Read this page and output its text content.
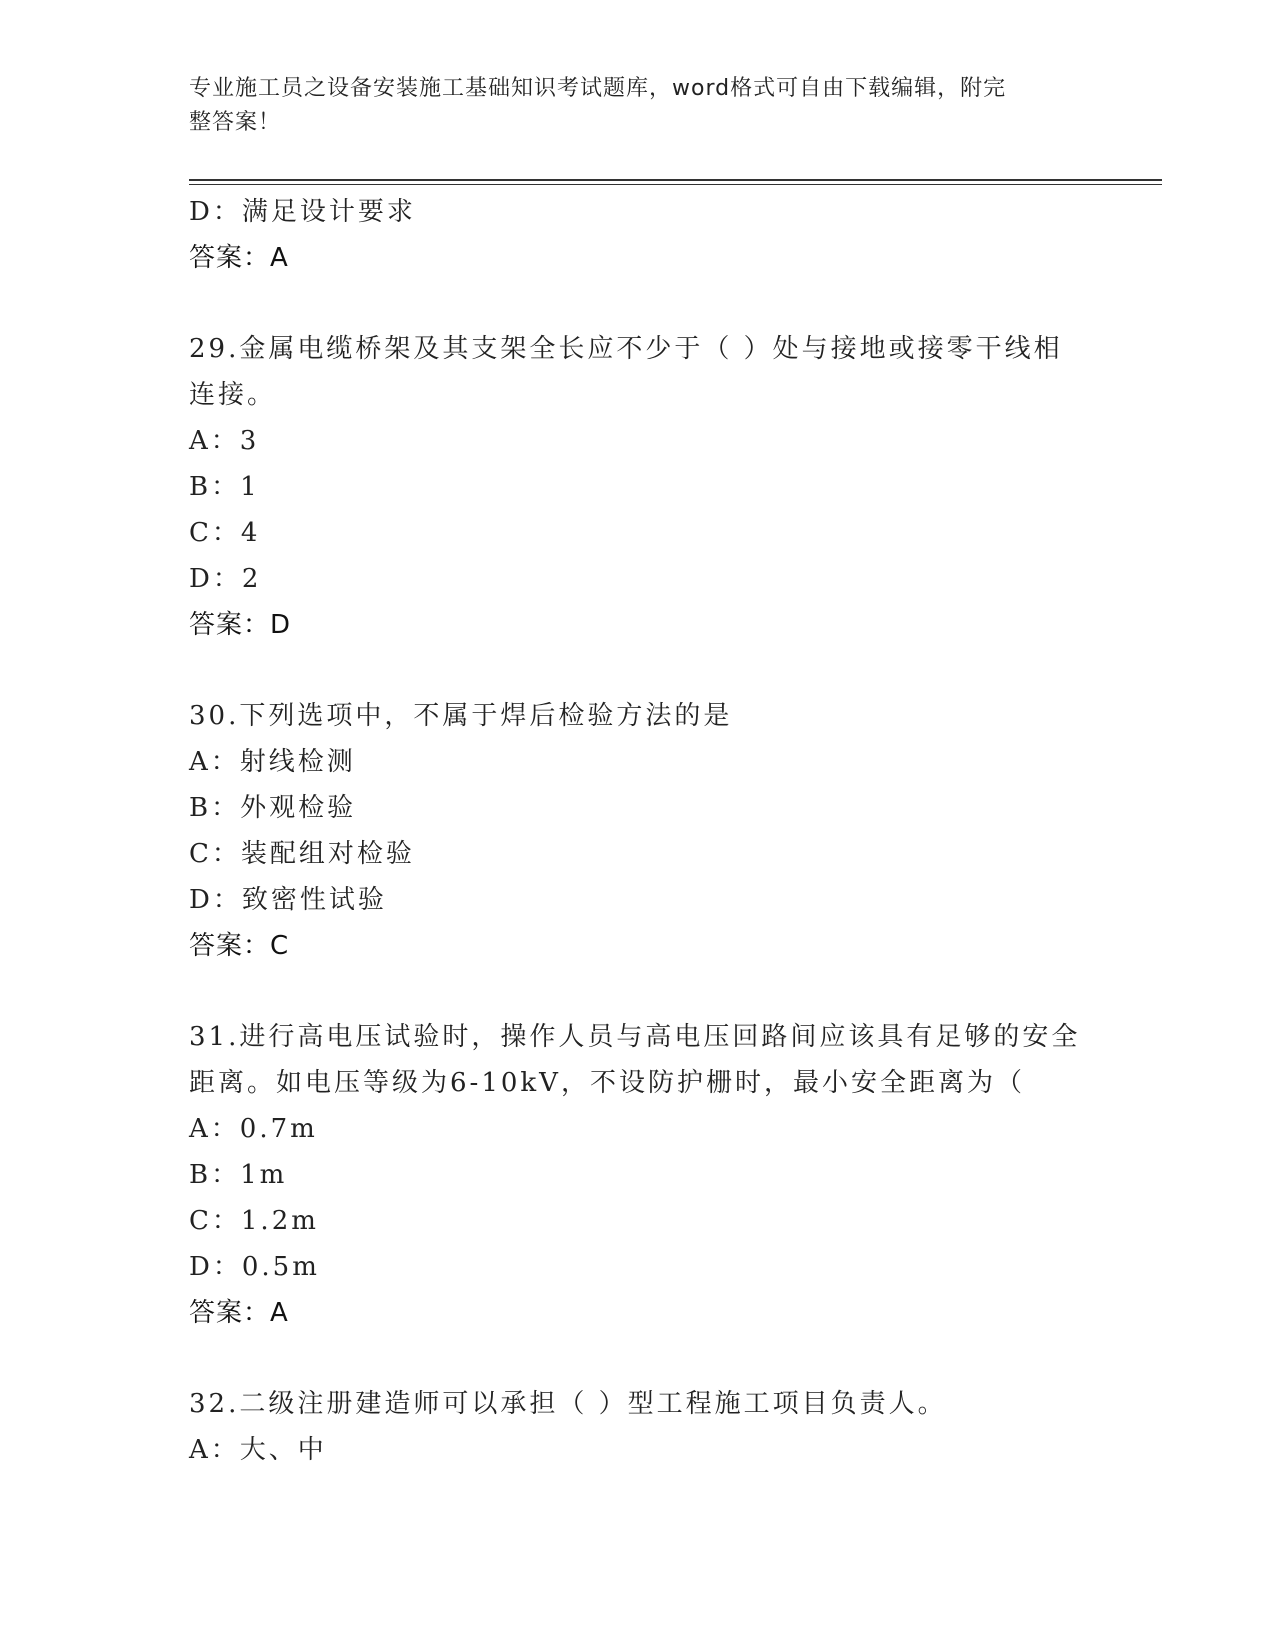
专业施工员之设备安装施工基础知识考试题库，word格式可自由下载编辑，附完
整答案！
D：满足设计要求
答案：A
29.金属电缆桥架及其支架全长应不少于（ ）处与接地或接零干线相
连接。
A：3
B：1
C：4
D：2
答案：D
30.下列选项中，不属于焊后检验方法的是
A：射线检测
B：外观检验
C：装配组对检验
D：致密性试验
答案：C
31.进行高电压试验时，操作人员与高电压回路间应该具有足够的安全
距离。如电压等级为6-10kV，不设防护栅时，最小安全距离为（
A：0.7m
B：1m
C：1.2m
D：0.5m
答案：A
32.二级注册建造师可以承担（ ）型工程施工项目负责人。
A：大、中
